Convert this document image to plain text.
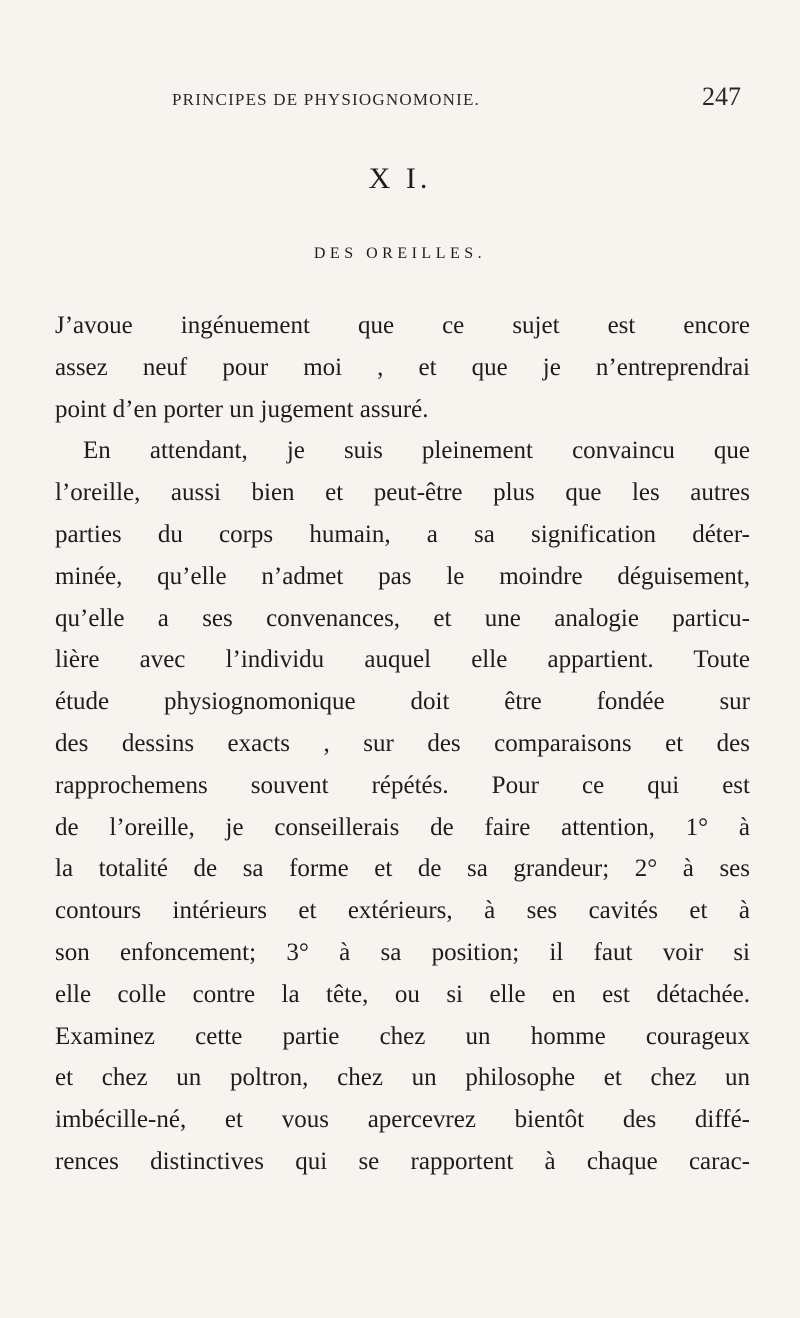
PRINCIPES DE PHYSIOGNOMONIE.	247
X I.
DES OREILLES.
J’avoue ingénuement que ce sujet est encore
assez neuf pour moi , et que je n’entreprendrai
point d’en porter un jugement assuré.
En attendant, je suis pleinement convaincu que
l’oreille, aussi bien et peut-être plus que les autres
parties du corps humain, a sa signification déter-
minée, qu’elle n’admet pas le moindre déguisement,
qu’elle a ses convenances, et une analogie particu-
lière avec l’individu auquel elle appartient. Toute
étude physiognomonique doit être fondée sur
des dessins exacts , sur des comparaisons et des
rapprochemens souvent répétés. Pour ce qui est
de l’oreille, je conseillerais de faire attention, 1° à
la totalité de sa forme et de sa grandeur; 2° à ses
contours intérieurs et extérieurs, à ses cavités et à
son enfoncement; 3° à sa position; il faut voir si
elle colle contre la tête, ou si elle en est détachée.
Examinez cette partie chez un homme courageux
et chez un poltron, chez un philosophe et chez un
imbécille-né, et vous apercevrez bientôt des diffé-
rences distinctives qui se rapportent à chaque carac-
